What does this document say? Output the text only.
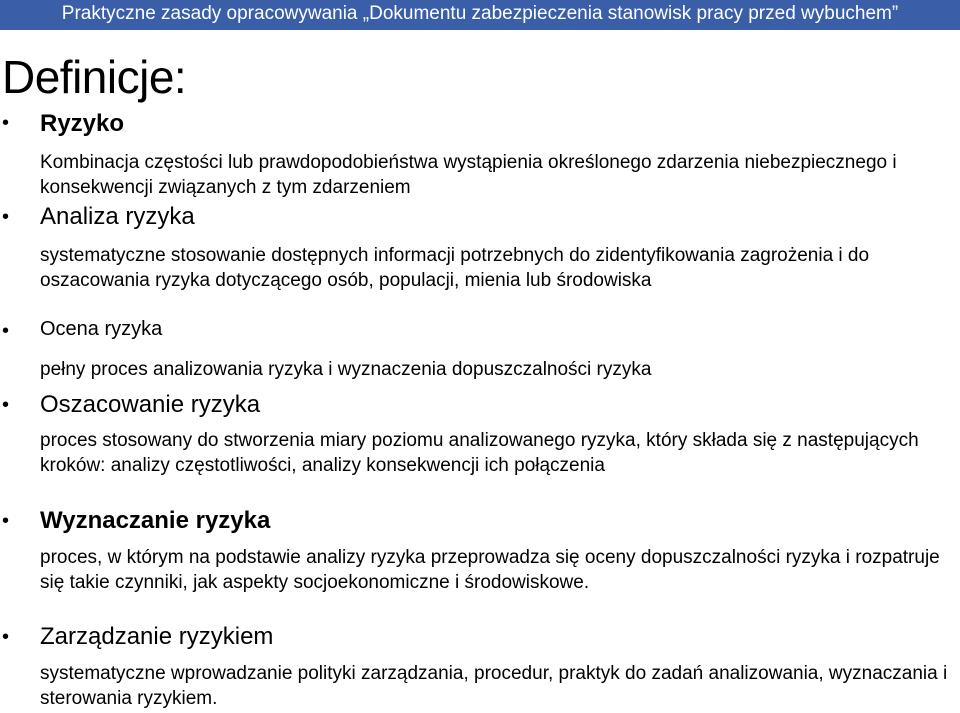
Praktyczne zasady opracowywania „Dokumentu zabezpieczenia stanowisk pracy przed wybuchem”
Definicje:
• Ryzyko
Kombinacja częstości lub prawdopodobieństwa wystąpienia określonego zdarzenia niebezpiecznego i konsekwencji związanych z tym zdarzeniem
• Analiza ryzyka
systematyczne stosowanie dostępnych informacji potrzebnych do zidentyfikowania zagrożenia i do oszacowania ryzyka dotyczącego osób, populacji, mienia lub środowiska
• Ocena ryzyka
pełny proces analizowania ryzyka i wyznaczenia dopuszczalności ryzyka
• Oszacowanie ryzyka
proces stosowany do stworzenia miary poziomu analizowanego ryzyka, który składa się z następujących kroków: analizy częstotliwości, analizy konsekwencji ich połączenia
• Wyznaczanie ryzyka
proces, w którym na podstawie analizy ryzyka przeprowadza się oceny dopuszczalności ryzyka i rozpatruje się takie czynniki, jak aspekty socjoekonomiczne i środowiskowe.
• Zarządzanie ryzykiem
systematyczne wprowadzanie polityki zarządzania, procedur, praktyk do zadań analizowania, wyznaczania i sterowania ryzykiem.
